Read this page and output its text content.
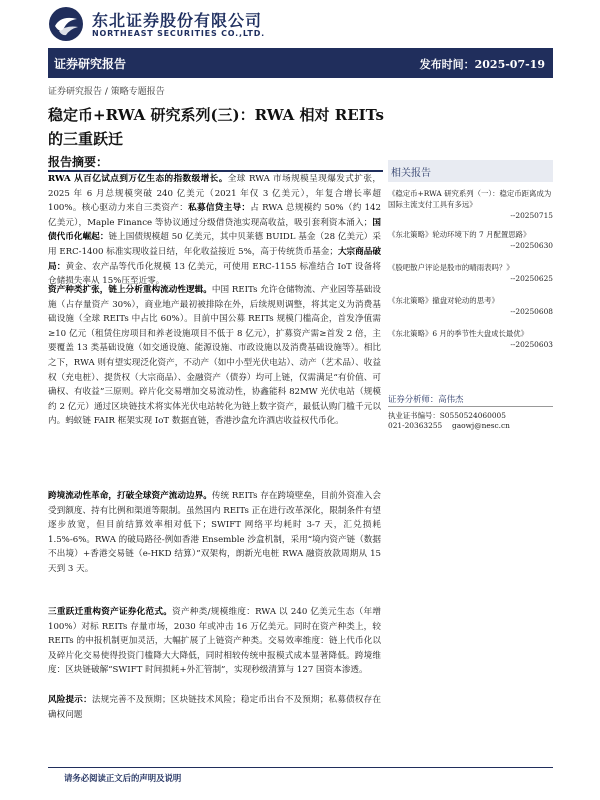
东北证券股份有限公司
NORTHEAST SECURITIES CO.,LTD.
证券研究报告	发布时间：2025-07-19
证券研究报告 / 策略专题报告
稳定币+RWA 研究系列(三)：RWA 相对 REITs
的三重跃迁
报告摘要：

RWA 从百亿试点到万亿生态的指数级增长。全球 RWA 市场规模呈现爆发式扩张，2025 年 6 月总规模突破 240 亿美元（2021 年仅 3 亿美元），年复合增长率超 100%。核心驱动力来自三类资产：私募信贷主导：占 RWA 总规模约 50%（约 142 亿美元），Maple Finance 等协议通过分级借贷池实现高收益，吸引套利资本涌入；国债代币化崛起：链上国债规模超 50 亿美元，其中贝莱德 BUIDL 基金（28 亿美元）采用 ERC-1400 标准实现收益日结，年化收益接近 5%，高于传统货币基金；大宗商品破局：黄金、农产品等代币化规模 13 亿美元，可使用 ERC-1155 标准结合 IoT 设备将仓储损失率从 15%压至近零。

资产种类扩张，链上分析重构流动性逻辑。中国 REITs 允许仓储物流、产业园等基础设施（占存量资产 30%），商业地产最初被排除在外，后续规则调整，将其定义为消费基础设施（全球 REITs 中占比 60%）。目前中国公募 REITs 规模门槛高企，首发净值需≥10 亿元（租赁住房项目和养老设施项目不低于 8 亿元），扩募资产需≥首发 2 倍，主要覆盖 13 类基础设施（如交通设施、能源设施、市政设施以及消费基础设施等）。相比之下，RWA 则有望实现泛化资产，不动产（如中小型光伏电站）、动产（艺术品）、收益权（充电桩）、提货权（大宗商品）、金融资产（债券）均可上链，仅需满足“有价值、可确权、有收益”三原则。碎片化交易增加交易流动性，协鑫能科 82MW 光伏电站（规模约 2 亿元）通过区块链技术将实体光伏电站转化为链上数字资产，最低认购门槛千元以内。蚂蚁链 FAIR 框架实现 IoT 数据直链，香港沙盒允许酒店收益权代币化。

跨境流动性革命，打破全球资产流动边界。传统 REITs 存在跨境壁垒，目前外资准入会受到额度、持有比例和渠道等限制。虽然国内 REITs 正在进行改革深化，限制条件有望逐步放宽，但目前结算效率相对低下；SWIFT 网络平均耗时 3-7 天，汇兑损耗 1.5%-6%。RWA 的破局路径-例如香港 Ensemble 沙盒机制，采用“境内资产链（数据不出境）+香港交易链（e-HKD 结算）”双架构，朗新光电桩 RWA 融资放款周期从 15 天到 3 天。

三重跃迁重构资产证券化范式。资产种类/规模维度：RWA 以 240 亿美元生态（年增 100%）对标 REITs 存量市场，2030 年或冲击 16 万亿美元。同时在资产种类上，较 REITs 的申报机制更加灵活，大幅扩展了上链资产种类。交易效率维度：链上代币化以及碎片化交易使得投资门槛降大大降低，同时相较传统申报模式成本显著降低。跨境维度：区块链破解“SWIFT 时间损耗+外汇管制”，实现秒级清算与 127 国资本渗透。

风险提示：法规完善不及预期；区块链技术风险；稳定币出台不及预期；私募债权存在确权问题

相关报告
《稳定币+RWA 研究系列（一）：稳定币距离成为国际主流支付工具有多远》
--20250715
《东北策略》轮动环境下的 7 月配置思路》
--20250630
《股吧散户评论是股市的晴雨表吗？》
--20250625
《东北策略》撤盘对轮动的思考》
--20250608
《东北策略》6 月的季节性大盘成长最优》
--20250603
证券分析师：高伟杰
执业证书编号：S0550524060005
021-20363255 gaowj@nesc.cn
请务必阅读正文后的声明及说明
